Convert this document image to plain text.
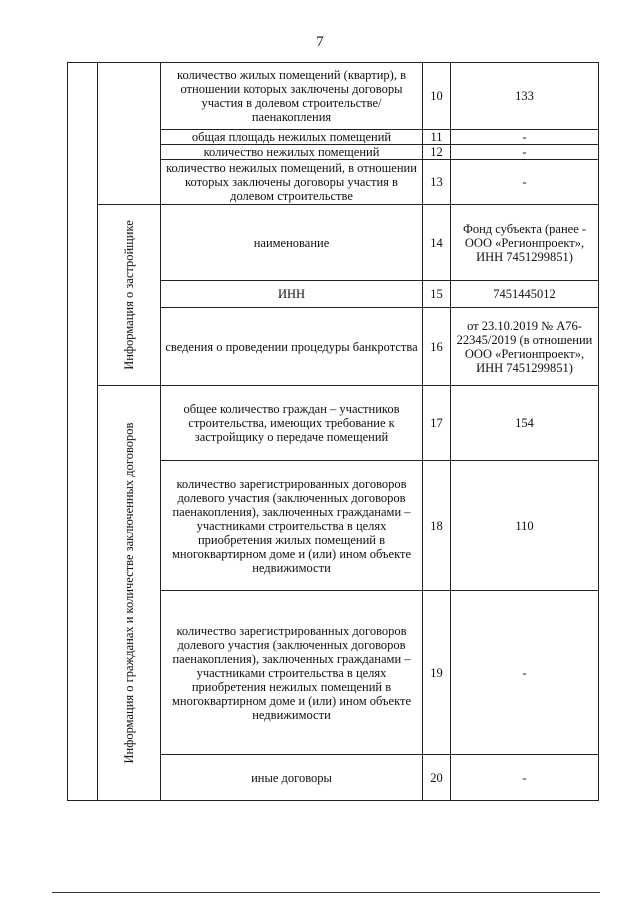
7
		количество жилых помещений (квартир), в отношении которых заключены договоры участия в долевом строительстве/паенакопления	10	133
		общая площадь нежилых помещений	11	-
		количество нежилых помещений	12	-
		количество нежилых помещений, в отношении которых заключены договоры участия в долевом строительстве	13	-

	Информация о застройщике	наименование	14	Фонд субъекта (ранее - ООО «Регионпроект», ИНН 7451299851)
		ИНН	15	7451445012
		сведения о проведении процедуры банкротства	16	от 23.10.2019 № А76-22345/2019 (в отношении ООО «Регионпроект», ИНН 7451299851)

	Информация о гражданах и количестве заключенных договоров	общее количество граждан – участников строительства, имеющих требование к застройщику о передаче помещений	17	154
		количество зарегистрированных договоров долевого участия (заключенных договоров паенакопления), заключенных гражданами – участниками строительства в целях приобретения жилых помещений в многоквартирном доме и (или) ином объекте недвижимости	18	110
		количество зарегистрированных договоров долевого участия (заключенных договоров паенакопления), заключенных гражданами – участниками строительства в целях приобретения нежилых помещений в многоквартирном доме и (или) ином объекте недвижимости	19	-
		иные договоры	20	-
